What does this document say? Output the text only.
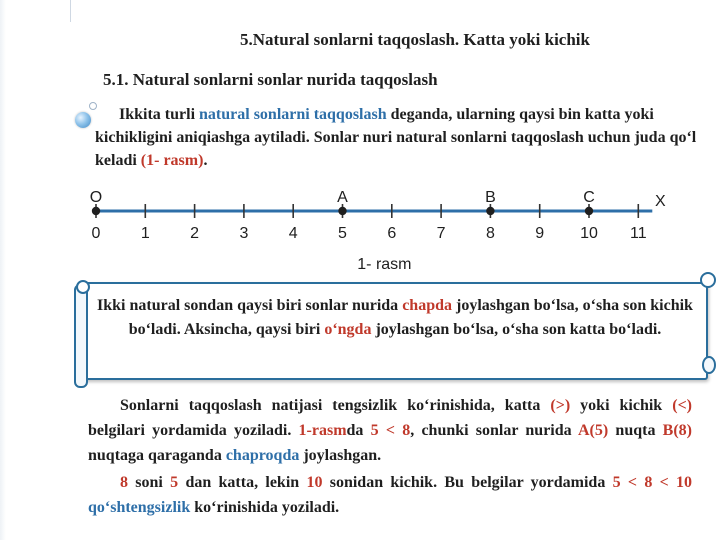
5.Natural sonlarni taqqoslash. Katta yoki kichik
5.1. Natural sonlarni sonlar nurida taqqoslash
Ikkita turli natural sonlarni taqqoslash deganda, ularning qaysi bin katta yoki kichikligini aniqiashga aytiladi. Sonlar nuri natural sonlarni taqqoslash uchun juda qo‘l keladi (1- rasm).
0	1	2	3	4	5	6	7	8	9 10 11
O	A	B	C	X
1- rasm
Ikki natural sondan qaysi biri sonlar nurida chapda joylashgan bo‘lsa, o‘sha son kichik bo‘ladi. Aksincha, qaysi biri o‘ngda joylashgan bo‘lsa, o‘sha son katta bo‘ladi.
Sonlarni taqqoslash natijasi tengsizlik ko‘rinishida, katta (>) yoki kichik (<) belgilari yordamida yoziladi. 1-rasmda 5 < 8, chunki sonlar nurida A(5) nuqta B(8) nuqtaga qaraganda chaproqda joylashgan.
8 soni 5 dan katta, lekin 10 sonidan kichik. Bu belgilar yordamida 5 < 8 < 10 qo‘shtengsizlik ko‘rinishida yoziladi.
